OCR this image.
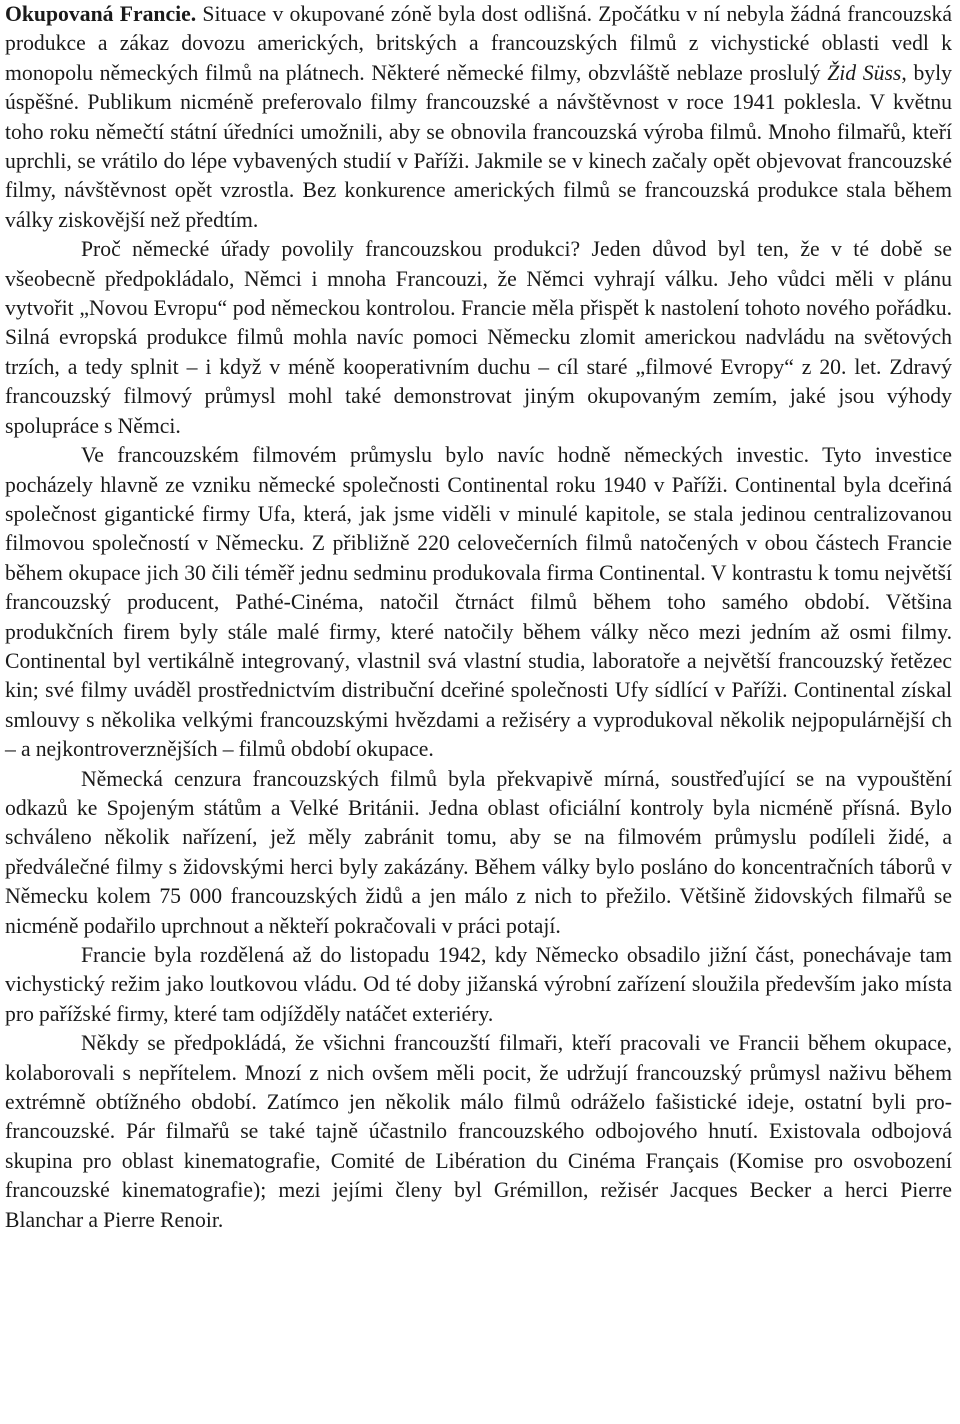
Okupovaná Francie. Situace v okupované zóně byla dost odlišná. Zpočátku v ní nebyla žádná francouzská produkce a zákaz dovozu amerických, britských a francouzských filmů z vichystické oblasti vedl k monopolu německých filmů na plátnech. Některé německé filmy, obzvláště neblaze proslulý Žid Süss, byly úspěšné. Publikum nicméně preferovalo filmy francouzské a návštěvnost v roce 1941 poklesla. V květnu toho roku němečtí státní úředníci umožnili, aby se obnovila francouzská výroba filmů. Mnoho filmařů, kteří uprchli, se vrátilo do lépe vybavených studií v Paříži. Jakmile se v kinech začaly opět objevovat francouzské filmy, návštěvnost opět vzrostla. Bez konkurence amerických filmů se francouzská produkce stala během války ziskovější než předtím.

Proč německé úřady povolily francouzskou produkci? Jeden důvod byl ten, že v té době se všeobecně předpokládalo, Němci i mnoha Francouzi, že Němci vyhrají válku. Jeho vůdci měli v plánu vytvořit „Novou Evropu“ pod německou kontrolou. Francie měla přispět k nastolení tohoto nového pořádku. Silná evropská produkce filmů mohla navíc pomoci Německu zlomit americkou nadvládu na světových trzích, a tedy splnit – i když v méně kooperativním duchu – cíl staré „filmové Evropy“ z 20. let. Zdravý francouzský filmový průmysl mohl také demonstrovat jiným okupovaným zemím, jaké jsou výhody spolupráce s Němci.

Ve francouzském filmovém průmyslu bylo navíc hodně německých investic. Tyto investice pocházely hlavně ze vzniku německé společnosti Continental roku 1940 v Paříži. Continental byla dceřiná společnost gigantické firmy Ufa, která, jak jsme viděli v minulé kapitole, se stala jedinou centralizovanou filmovou společností v Německu. Z přibližně 220 celovečerních filmů natočených v obou částech Francie během okupace jich 30 čili téměř jednu sedminu produkovala firma Continental. V kontrastu k tomu největší francouzský producent, Pathé-Cinéma, natočil čtrnáct filmů během toho samého období. Většina produkčních firem byly stále malé firmy, které natočily během války něco mezi jedním až osmi filmy. Continental byl vertikálně integrovaný, vlastnil svá vlastní studia, laboratoře a největší francouzský řetězec kin; své filmy uváděl prostřednictvím distribuční dceřiné společnosti Ufy sídlící v Paříži. Continental získal smlouvy s několika velkými francouzskými hvězdami a režiséry a vyprodukoval několik nejpopulárnější ch – a nejkontroverznějších – filmů období okupace.

Německá cenzura francouzských filmů byla překvapivě mírná, soustřeďující se na vypouštění odkazů ke Spojeným státům a Velké Británii. Jedna oblast oficiální kontroly byla nicméně přísná. Bylo schváleno několik nařízení, jež měly zabránit tomu, aby se na filmovém průmyslu podíleli židé, a předválečné filmy s židovskými herci byly zakázány. Během války bylo posláno do koncentračních táborů v Německu kolem 75 000 francouzských židů a jen málo z nich to přežilo. Většině židovských filmařů se nicméně podařilo uprchnout a někteří pokračovali v práci potají.

Francie byla rozdělená až do listopadu 1942, kdy Německo obsadilo jižní část, ponechávaje tam vichystický režim jako loutkovou vládu. Od té doby jižanská výrobní zařízení sloužila především jako místa pro pařížské firmy, které tam odjížděly natáčet exteriéry.

Někdy se předpokládá, že všichni francouzští filmaři, kteří pracovali ve Francii během okupace, kolaborovali s nepřítelem. Mnozí z nich ovšem měli pocit, že udržují francouzský průmysl naživu během extrémně obtížného období. Zatímco jen několik málo filmů odráželo fašistické ideje, ostatní byli pro-francouzské. Pár filmařů se také tajně účastnilo francouzského odbojového hnutí. Existovala odbojová skupina pro oblast kinematografie, Comité de Libération du Cinéma Français (Komise pro osvobození francouzské kinematografie); mezi jejími členy byl Grémillon, režisér Jacques Becker a herci Pierre Blanchar a Pierre Renoir.
